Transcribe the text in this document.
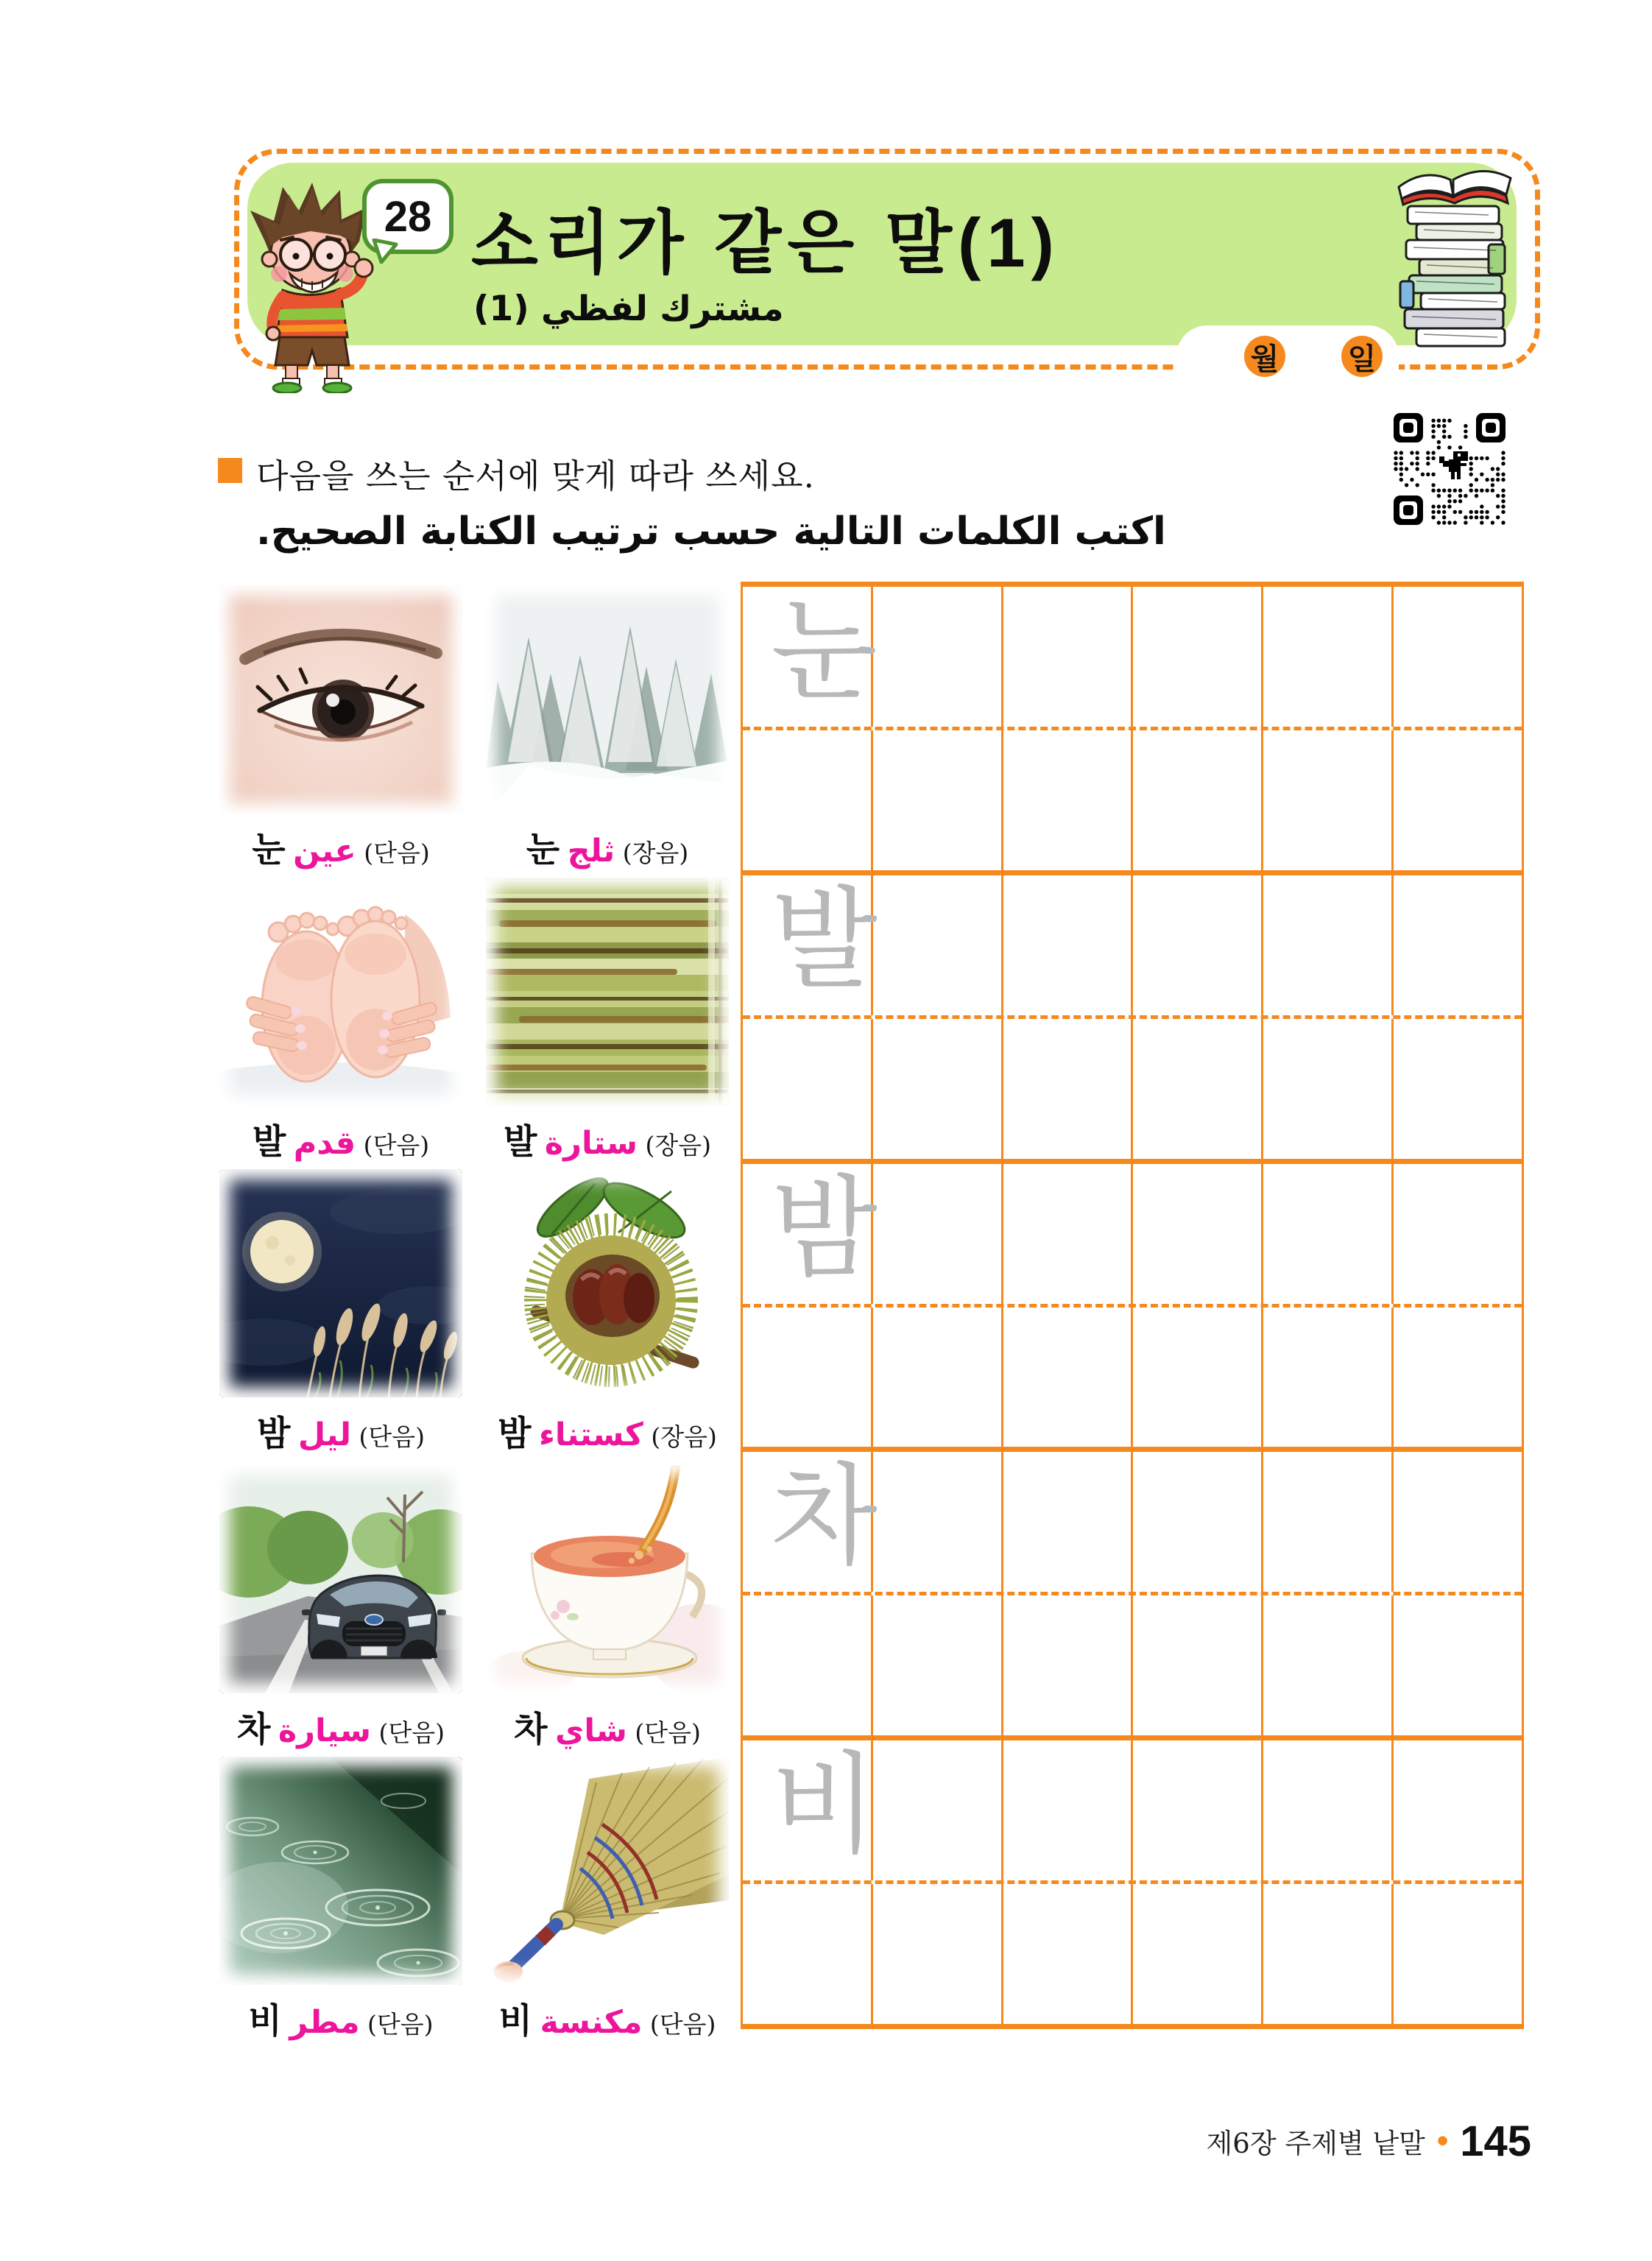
28 소리가 같은 말(1)
مشترك لفظي (1)
월 일
다음을 쓰는 순서에 맞게 따라 쓰세요.
اكتب الكلمات التالية حسب ترتيب الكتابة الصحيح.
눈 عين (단음)	눈 ثلج (장음)
발 قدم (단음)	발 ستارة (장음)
밤 ليل (단음)	밤 كستناء (장음)
차 سيارة (단음)	차 شاي (단음)
비 مطر (단음)	비 مكنسة (단음)
눈
발
밤
차
비
제6장 주제별 낱말 • 145
